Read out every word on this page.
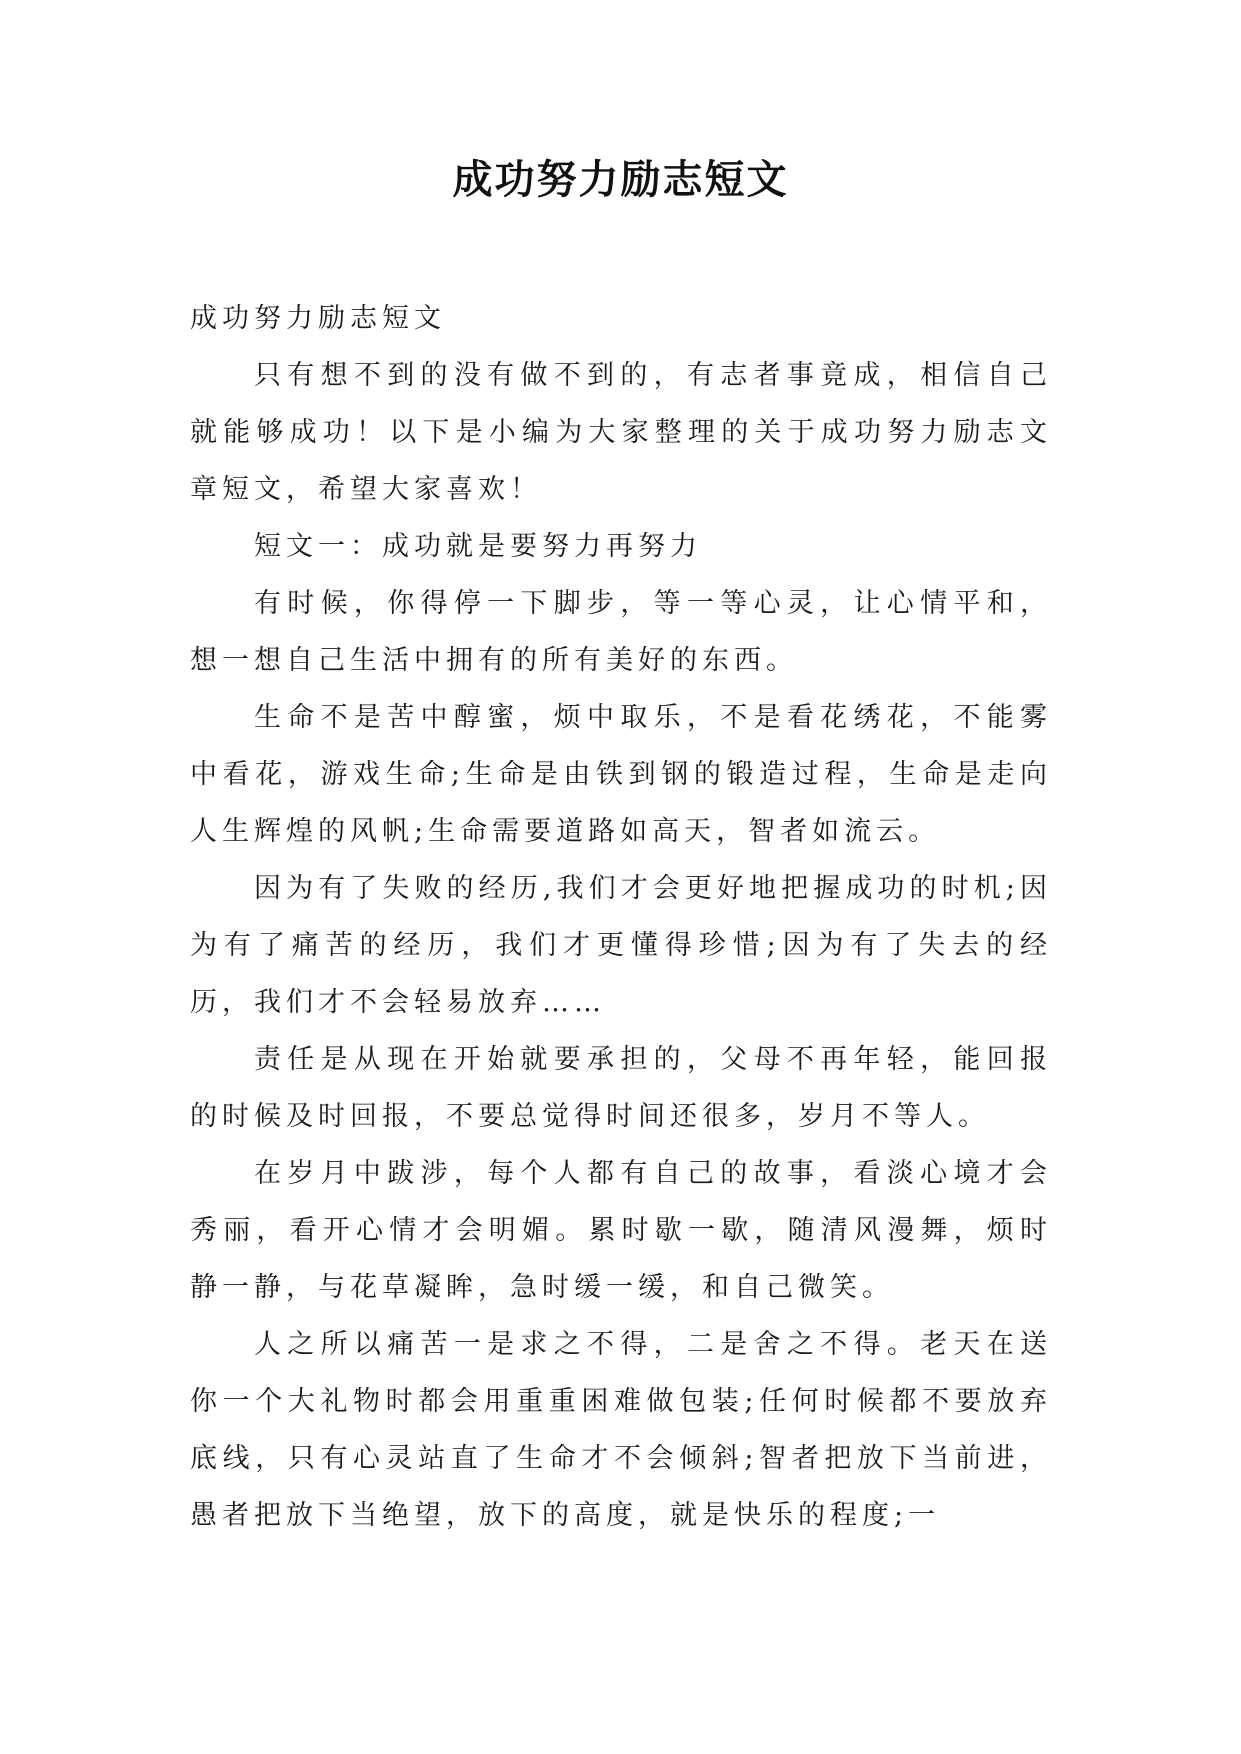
成功努力励志短文

成功努力励志短文

只有想不到的没有做不到的，有志者事竟成，相信自己就能够成功！以下是小编为大家整理的关于成功努力励志文章短文，希望大家喜欢！

短文一：成功就是要努力再努力

有时候，你得停一下脚步，等一等心灵，让心情平和，想一想自己生活中拥有的所有美好的东西。

生命不是苦中醇蜜，烦中取乐，不是看花绣花，不能雾中看花，游戏生命;生命是由铁到钢的锻造过程，生命是走向人生辉煌的风帆;生命需要道路如高天，智者如流云。

因为有了失败的经历,我们才会更好地把握成功的时机;因为有了痛苦的经历，我们才更懂得珍惜;因为有了失去的经历，我们才不会轻易放弃……

责任是从现在开始就要承担的，父母不再年轻，能回报的时候及时回报，不要总觉得时间还很多，岁月不等人。

在岁月中跋涉，每个人都有自己的故事，看淡心境才会秀丽，看开心情才会明媚。累时歇一歇，随清风漫舞，烦时静一静，与花草凝眸，急时缓一缓，和自己微笑。

人之所以痛苦一是求之不得，二是舍之不得。老天在送你一个大礼物时都会用重重困难做包装;任何时候都不要放弃底线，只有心灵站直了生命才不会倾斜;智者把放下当前进，愚者把放下当绝望，放下的高度，就是快乐的程度;一
